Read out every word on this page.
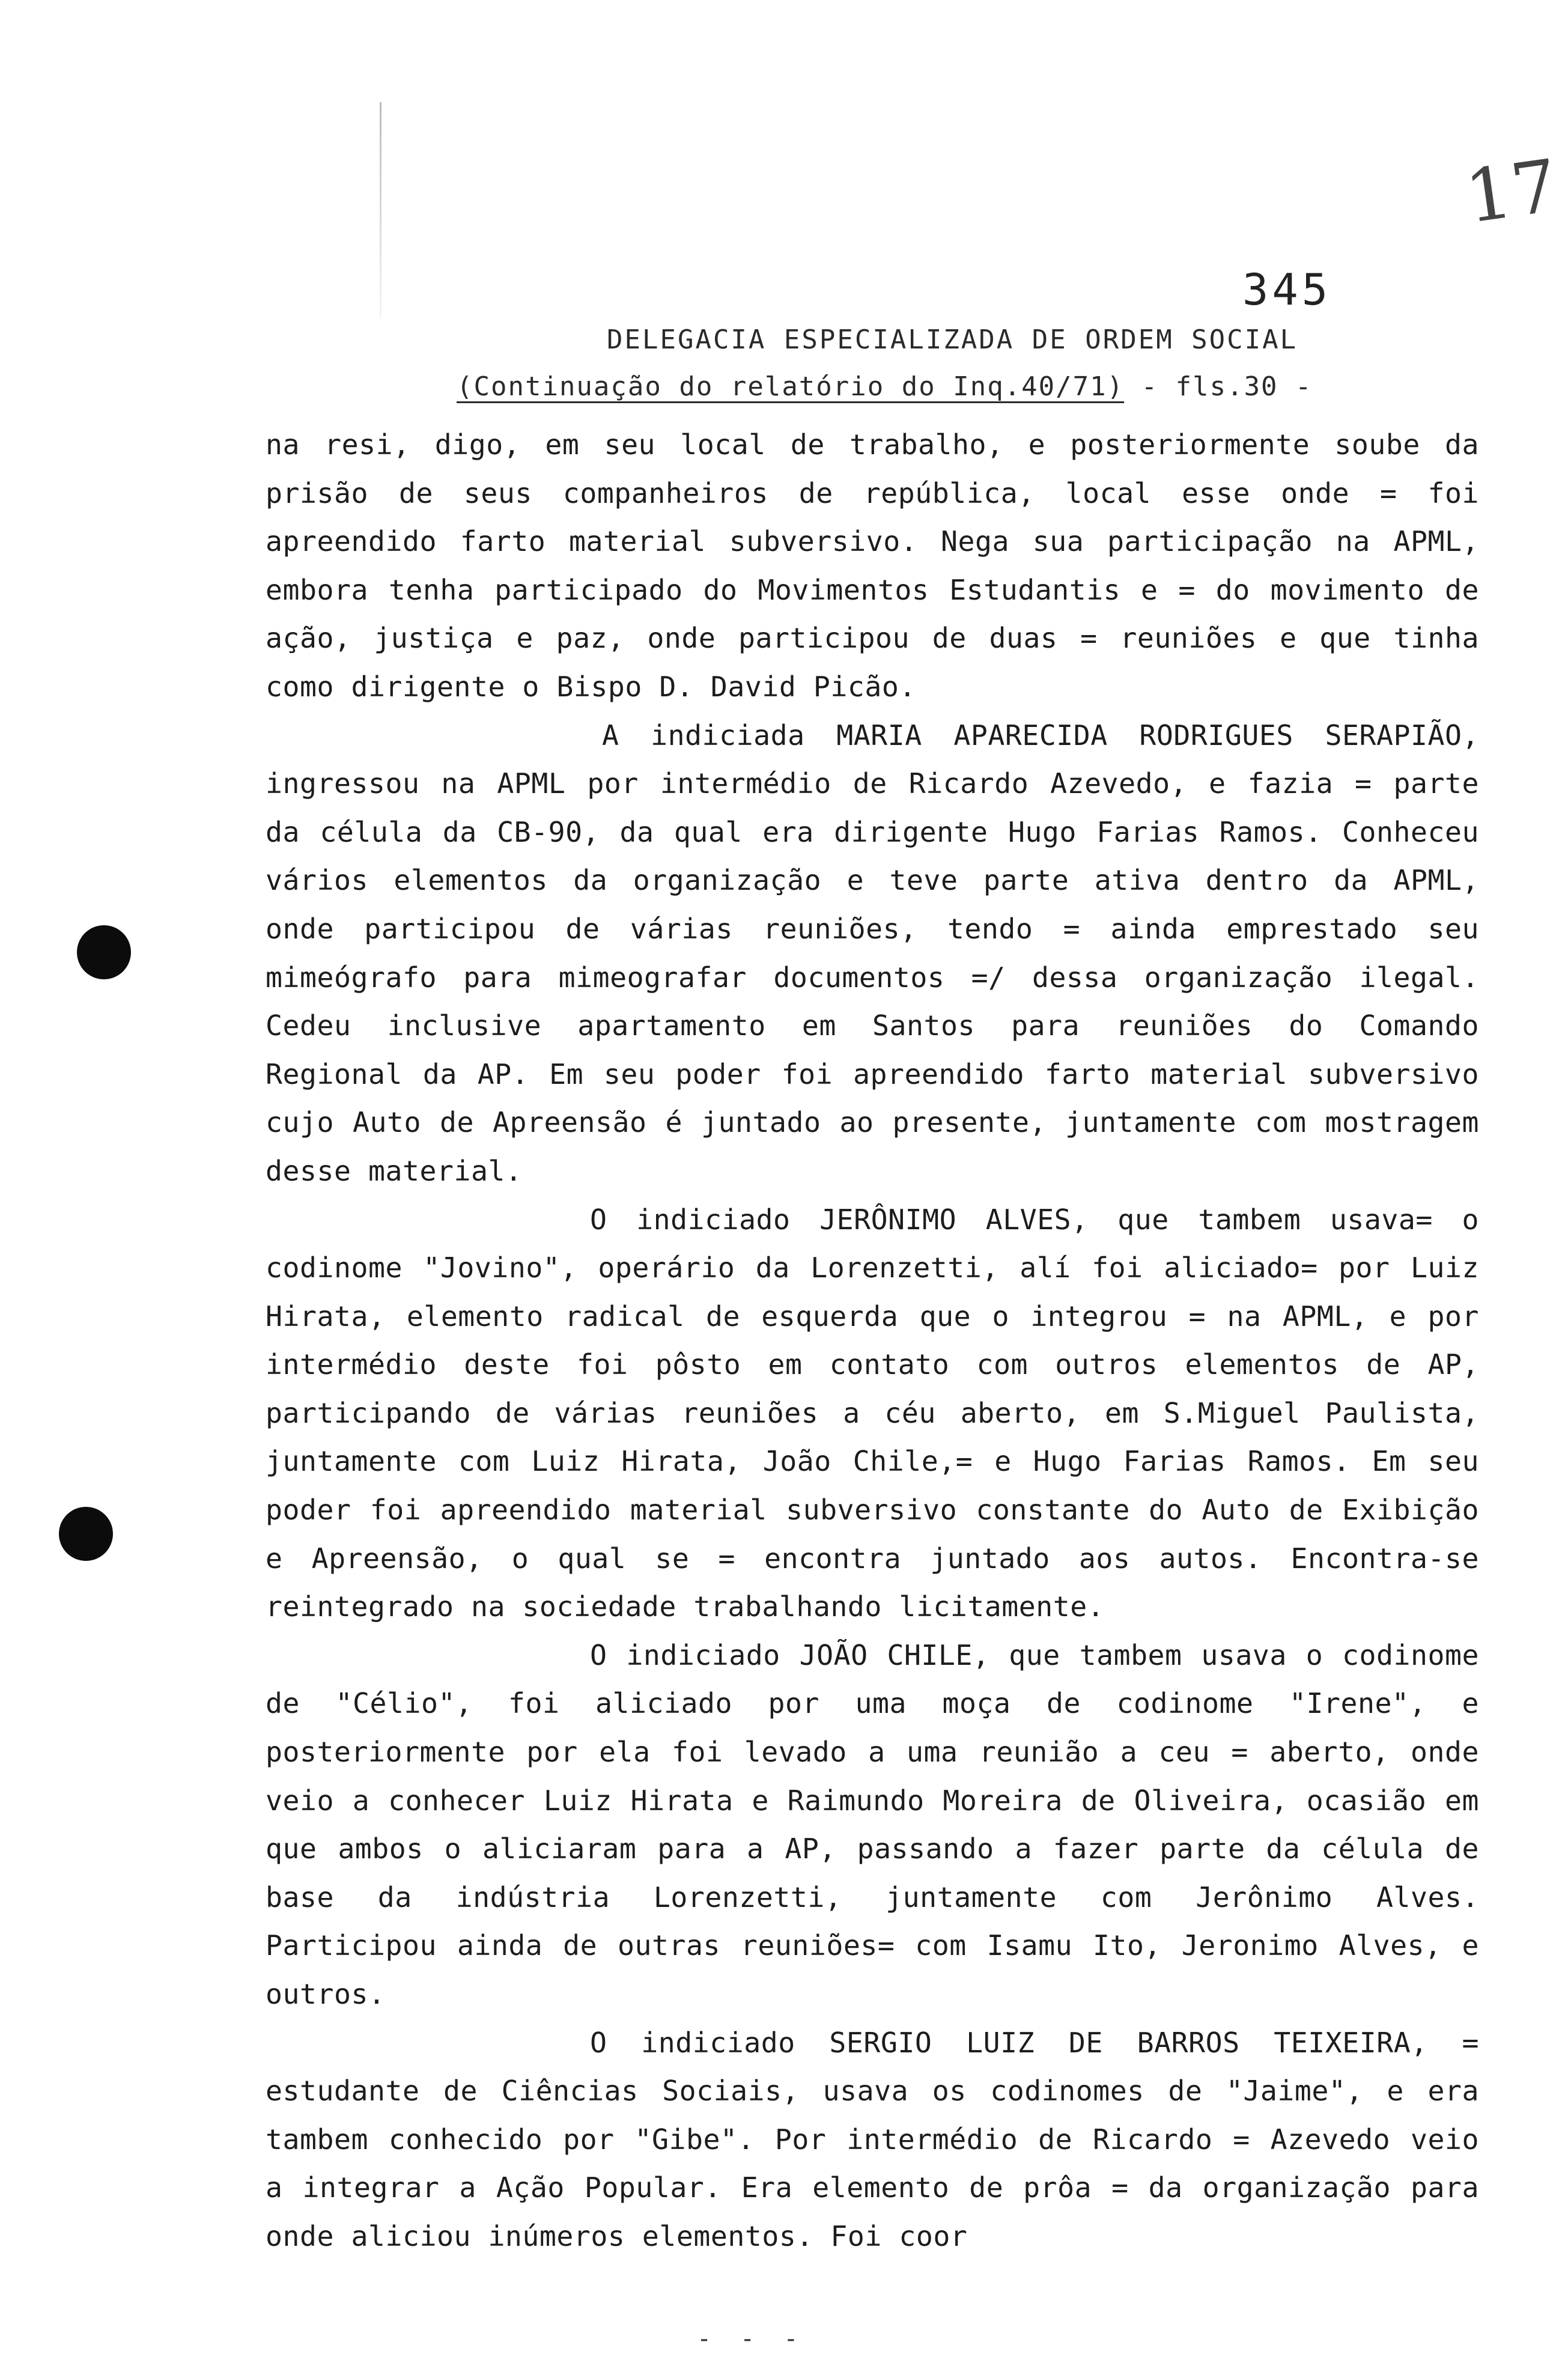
17
345
DELEGACIA ESPECIALIZADA DE ORDEM SOCIAL
(Continuação do relatório do Inq.40/71) - fls.30 -

na resi, digo, em seu local de trabalho, e posteriormente soube da prisão de seus companheiros de república, local esse onde = foi apreendido farto material subversivo. Nega sua participação na APML, embora tenha participado do Movimentos Estudantis e = do movimento de ação, justiça e paz, onde participou de duas = reuniões e que tinha como dirigente o Bispo D. David Picão.

A indiciada MARIA APARECIDA RODRIGUES SERAPIÃO, ingressou na APML por intermédio de Ricardo Azevedo, e fazia = parte da célula da CB-90, da qual era dirigente Hugo Farias Ramos. Conheceu vários elementos da organização e teve parte ativa dentro da APML, onde participou de várias reuniões, tendo = ainda emprestado seu mimeógrafo para mimeografar documentos =/ dessa organização ilegal. Cedeu inclusive apartamento em Santos para reuniões do Comando Regional da AP. Em seu poder foi apreendido farto material subversivo cujo Auto de Apreensão é juntado ao presente, juntamente com mostragem desse material.

O indiciado JERÔNIMO ALVES, que tambem usava= o codinome "Jovino", operário da Lorenzetti, alí foi aliciado= por Luiz Hirata, elemento radical de esquerda que o integrou = na APML, e por intermédio deste foi pôsto em contato com outros elementos de AP, participando de várias reuniões a céu aberto, em S.Miguel Paulista, juntamente com Luiz Hirata, João Chile,= e Hugo Farias Ramos. Em seu poder foi apreendido material subversivo constante do Auto de Exibição e Apreensão, o qual se = encontra juntado aos autos. Encontra-se reintegrado na sociedade trabalhando licitamente.

O indiciado JOÃO CHILE, que tambem usava o codinome de "Célio", foi aliciado por uma moça de codinome "Irene", e posteriormente por ela foi levado a uma reunião a ceu = aberto, onde veio a conhecer Luiz Hirata e Raimundo Moreira de Oliveira, ocasião em que ambos o aliciaram para a AP, passando a fazer parte da célula de base da indústria Lorenzetti, juntamente com Jerônimo Alves. Participou ainda de outras reuniões= com Isamu Ito, Jeronimo Alves, e outros.

O indiciado SERGIO LUIZ DE BARROS TEIXEIRA, = estudante de Ciências Sociais, usava os codinomes de "Jaime", e era tambem conhecido por "Gibe". Por intermédio de Ricardo = Azevedo veio a integrar a Ação Popular. Era elemento de prôa = da organização para onde aliciou inúmeros elementos. Foi coor

- - -
